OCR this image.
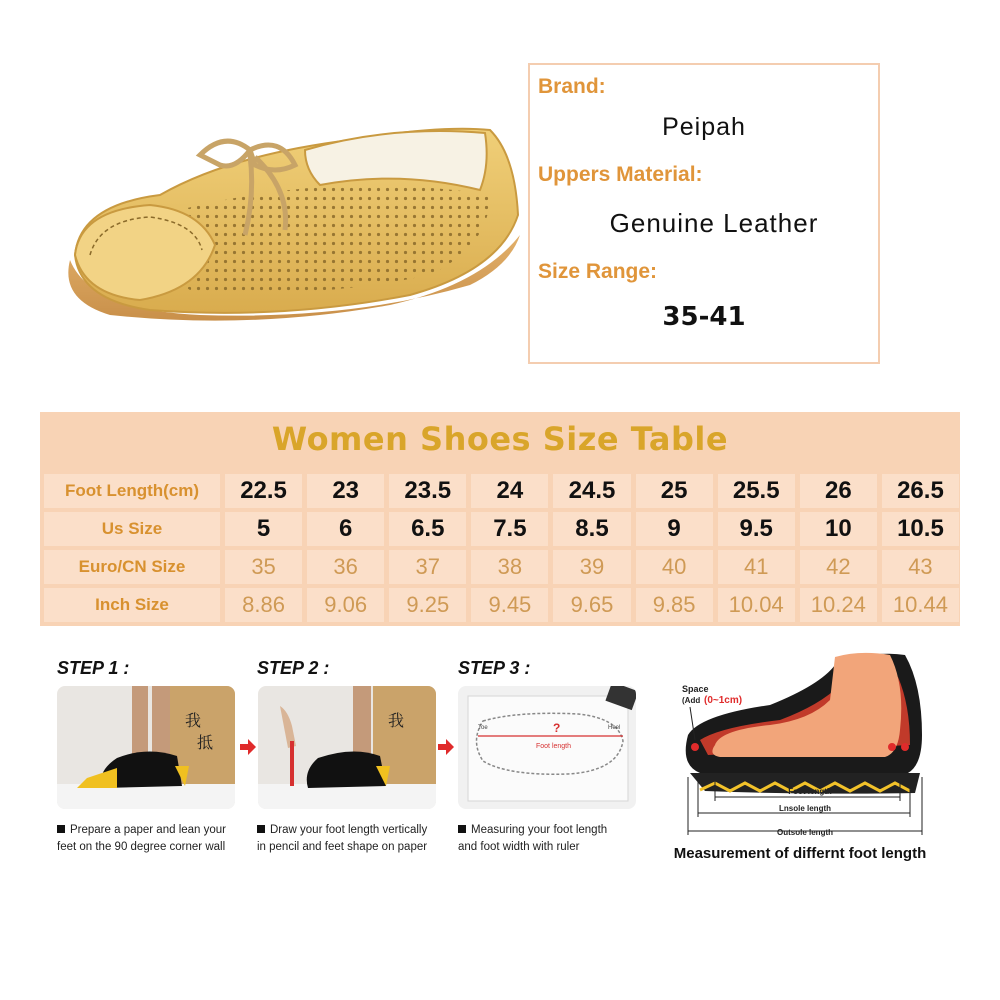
Brand:
Peipah
Uppers Material:
Genuine Leather
Size Range:
35-41
Women Shoes Size Table
Foot Length(cm)	22.5	23	23.5	24	24.5	25	25.5	26	26.5
Us Size	5	6	6.5	7.5	8.5	9	9.5	10	10.5
Euro/CN Size	35	36	37	38	39	40	41	42	43
Inch Size	8.86	9.06	9.25	9.45	9.65	9.85	10.04	10.24	10.44
STEP 1 :
我
抵
Prepare a paper and lean your
feet on the 90 degree corner wall
STEP 2 :
我
Draw your foot length vertically
in pencil and feet shape on paper
STEP 3 :
?
Foot length
Toe	Heel
Measuring your foot length
and foot width with ruler
Space
(Add (0~1cm)
Foot length
Lnsole length
Outsole length
Measurement of differnt foot length
